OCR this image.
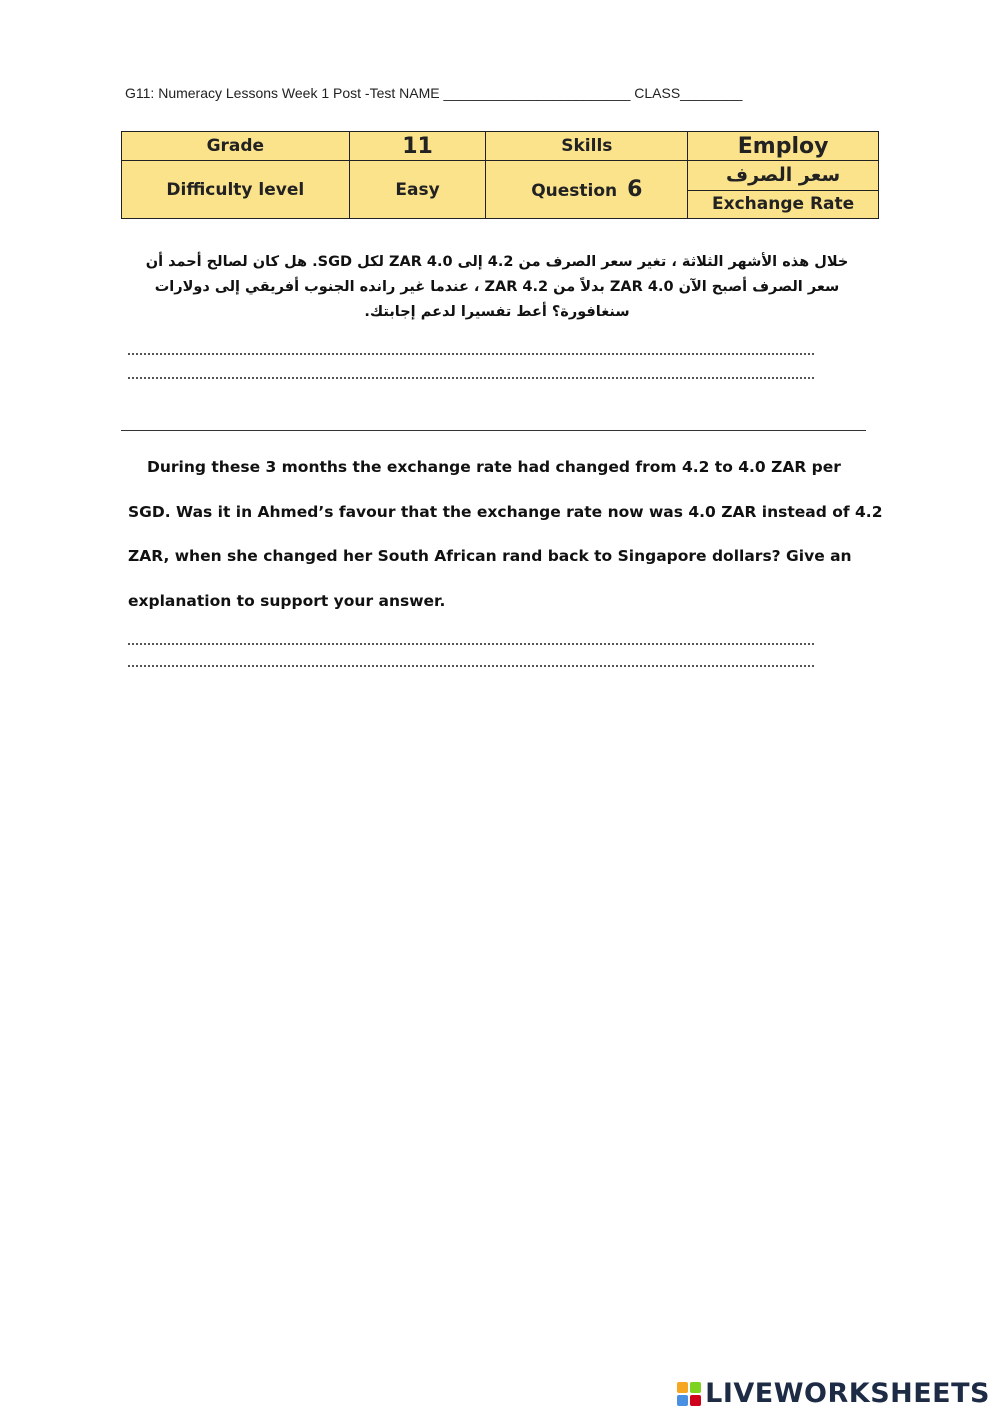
G11: Numeracy Lessons Week 1 Post -Test NAME ________________________ CLASS________
Grade	11	Skills	Employ
Difficulty level	Easy	Question 6	سعر الصرف
			Exchange Rate
خلال هذه الأشهر الثلاثة ، تغير سعر الصرف من 4.2 إلى ZAR 4.0 لكل SGD. هل كان لصالح أحمد أن سعر الصرف أصبح الآن ZAR 4.0 بدلاً من ZAR 4.2 ، عندما غير رانده الجنوب أفريقي إلى دولارات سنغافورة؟ أعط تفسيرا لدعم إجابتك.
During these 3 months the exchange rate had changed from 4.2 to 4.0 ZAR per
SGD. Was it in Ahmed’s favour that the exchange rate now was 4.0 ZAR instead of 4.2
ZAR, when she changed her South African rand back to Singapore dollars? Give an
explanation to support your answer.
LIVEWORKSHEETS
